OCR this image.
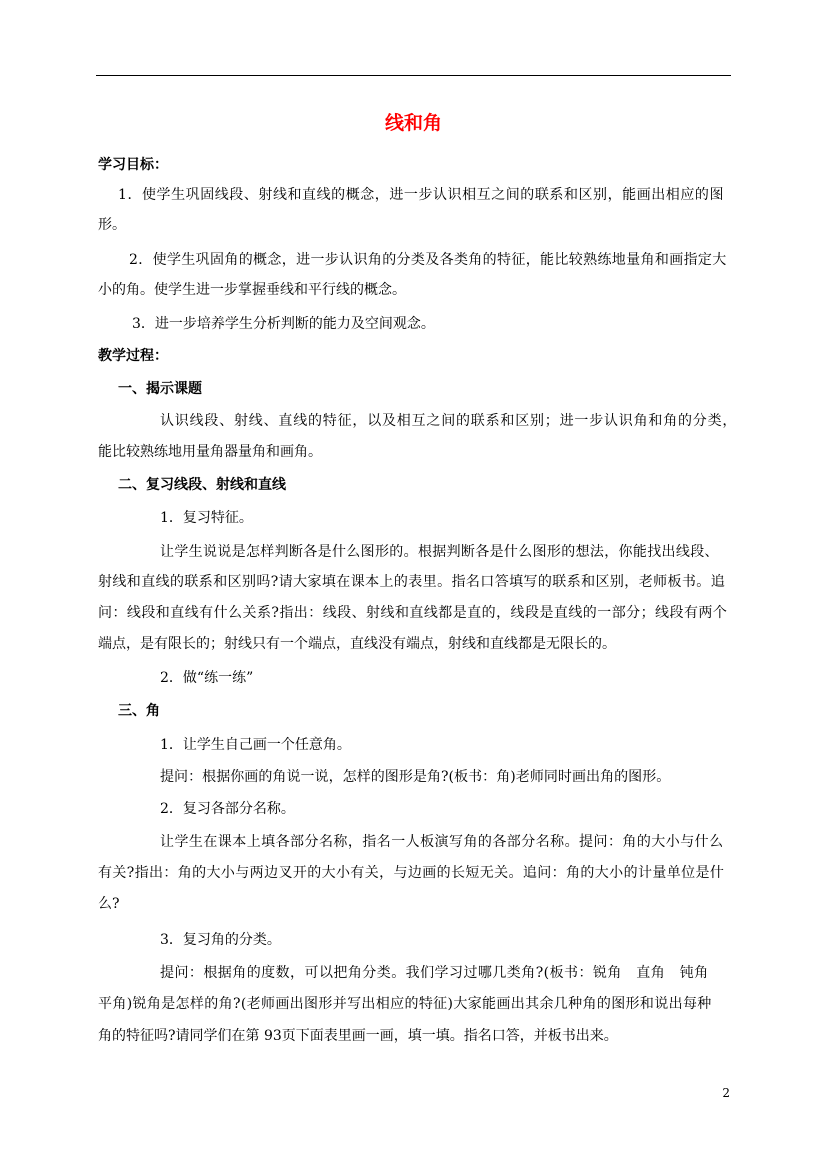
线和角
学习目标：
1．使学生巩固线段、射线和直线的概念，进一步认识相互之间的联系和区别，能画出相应的图
形。
2．使学生巩固角的概念，进一步认识角的分类及各类角的特征，能比较熟练地量角和画指定大
小的角。使学生进一步掌握垂线和平行线的概念。
3．进一步培养学生分析判断的能力及空间观念。
教学过程：
一、揭示课题
认识线段、射线、直线的特征，以及相互之间的联系和区别；进一步认识角和角的分类，
能比较熟练地用量角器量角和画角。
二、复习线段、射线和直线
1．复习特征。
让学生说说是怎样判断各是什么图形的。根据判断各是什么图形的想法，你能找出线段、
射线和直线的联系和区别吗?请大家填在课本上的表里。指名口答填写的联系和区别，老师板书。追
问：线段和直线有什么关系?指出：线段、射线和直线都是直的，线段是直线的一部分；线段有两个
端点，是有限长的；射线只有一个端点，直线没有端点，射线和直线都是无限长的。
2．做“练一练”
三、角
1．让学生自己画一个任意角。
提问：根据你画的角说一说，怎样的图形是角?(板书：角)老师同时画出角的图形。
2．复习各部分名称。
让学生在课本上填各部分名称，指名一人板演写角的各部分名称。提问：角的大小与什么
有关?指出：角的大小与两边叉开的大小有关，与边画的长短无关。追问：角的大小的计量单位是什
么?
3．复习角的分类。
提问：根据角的度数，可以把角分类。我们学习过哪几类角?(板书：锐角　直角　钝角
平角)锐角是怎样的角?(老师画出图形并写出相应的特征)大家能画出其余几种角的图形和说出每种
角的特征吗?请同学们在第 93页下面表里画一画，填一填。指名口答，并板书出来。
2
